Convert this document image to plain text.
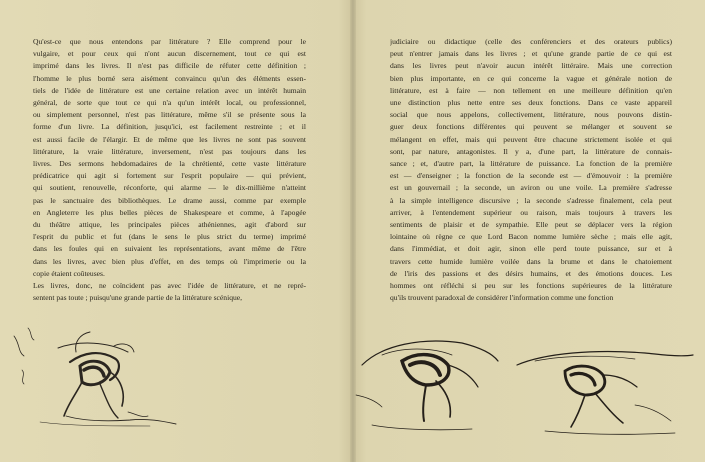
Qu'est-ce que nous entendons par littérature ? Elle comprend pour le
vulgaire, et pour ceux qui n'ont aucun discernement, tout ce qui est
imprimé dans les livres. Il n'est pas difficile de réfuter cette définition ;
l'homme le plus borné sera aisément convaincu qu'un des éléments essen-
tiels de l'idée de littérature est une certaine relation avec un intérêt humain
général, de sorte que tout ce qui n'a qu'un intérêt local, ou professionnel,
ou simplement personnel, n'est pas littérature, même s'il se présente sous la
forme d'un livre. La définition, jusqu'ici, est facilement restreinte ; et il
est aussi facile de l'élargir. Et de même que les livres ne sont pas souvent
littérature, la vraie littérature, inversement, n'est pas toujours dans les
livres. Des sermons hebdomadaires de la chrétienté, cette vaste littérature
prédicatrice qui agit si fortement sur l'esprit populaire — qui prévient,
qui soutient, renouvelle, réconforte, qui alarme — le dix-millième n'atteint
pas le sanctuaire des bibliothèques. Le drame aussi, comme par exemple
en Angleterre les plus belles pièces de Shakespeare et comme, à l'apogée
du théâtre attique, les principales pièces athéniennes, agit d'abord sur
l'esprit du public et fut (dans le sens le plus strict du terme) imprimé
dans les foules qui en suivaient les représentations, avant même de l'être
dans les livres, avec bien plus d'effet, en des temps où l'imprimerie ou la
copie étaient coûteuses.
Les livres, donc, ne coïncident pas avec l'idée de littérature, et ne repré-
sentent pas toute ; puisqu'une grande partie de la littérature scénique,
judiciaire ou didactique (celle des conférenciers et des orateurs publics)
peut n'entrer jamais dans les livres ; et qu'une grande partie de ce qui est
dans les livres peut n'avoir aucun intérêt littéraire. Mais une correction
bien plus importante, en ce qui concerne la vague et générale notion de
littérature, est à faire — non tellement en une meilleure définition qu'en
une distinction plus nette entre ses deux fonctions. Dans ce vaste appareil
social que nous appelons, collectivement, littérature, nous pouvons distin-
guer deux fonctions différentes qui peuvent se mélanger et souvent se
mélangent en effet, mais qui peuvent être chacune strictement isolée et qui
sont, par nature, antagonistes. Il y a, d'une part, la littérature de connais-
sance ; et, d'autre part, la littérature de puissance. La fonction de la première
est — d'enseigner ; la fonction de la seconde est — d'émouvoir : la première
est un gouvernail ; la seconde, un aviron ou une voile. La première s'adresse
à la simple intelligence discursive ; la seconde s'adresse finalement, cela peut
arriver, à l'entendement supérieur ou raison, mais toujours à travers les
sentiments de plaisir et de sympathie. Elle peut se déplacer vers la région
lointaine où règne ce que Lord Bacon nomme lumière sèche ; mais elle agit,
dans l'immédiat, et doit agir, sinon elle perd toute puissance, sur et à
travers cette humide lumière voilée dans la brume et dans le chatoiement
de l'iris des passions et des désirs humains, et des émotions douces. Les
hommes ont réfléchi si peu sur les fonctions supérieures de la littérature
qu'ils trouvent paradoxal de considérer l'information comme une fonction
